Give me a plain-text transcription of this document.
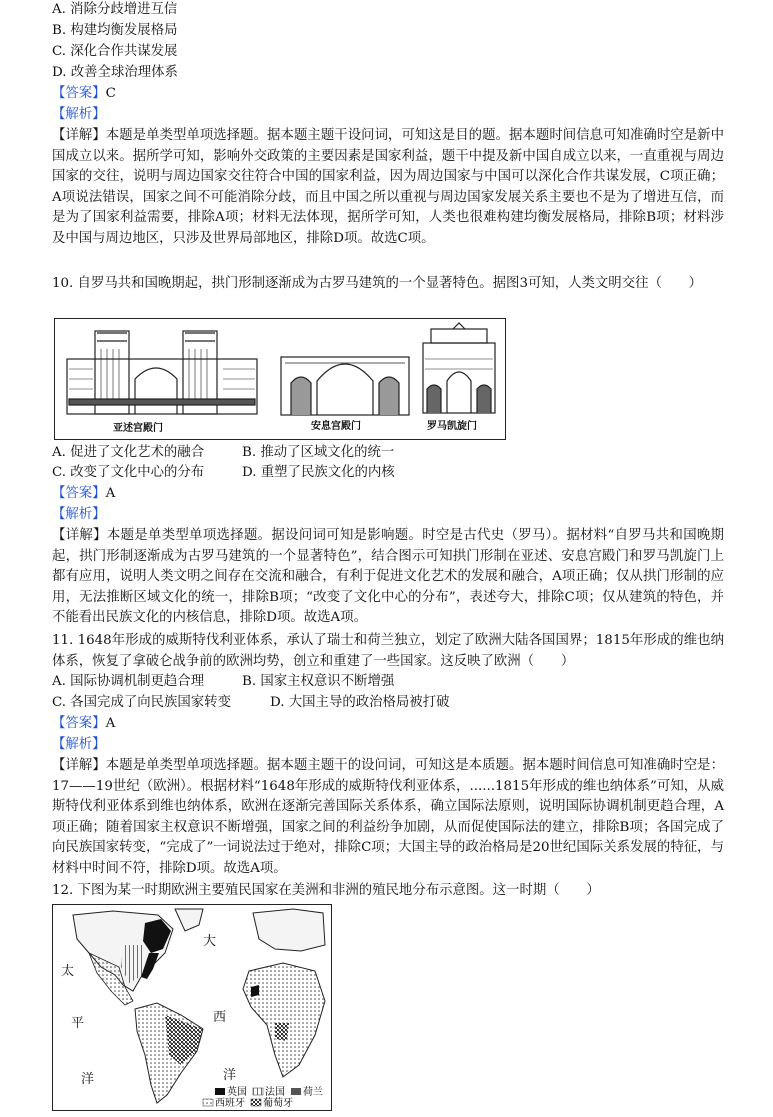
A. 消除分歧增进互信
B. 构建均衡发展格局
C. 深化合作共谋发展
D. 改善全球治理体系
【答案】C
【解析】
【详解】本题是单类型单项选择题。据本题主题干设问词，可知这是目的题。据本题时间信息可知准确时空是新中国成立以来。据所学可知，影响外交政策的主要因素是国家利益，题干中提及新中国自成立以来，一直重视与周边国家的交往，说明与周边国家交往符合中国的国家利益，因为周边国家与中国可以深化合作共谋发展，C项正确；A项说法错误，国家之间不可能消除分歧，而且中国之所以重视与周边国家发展关系主要也不是为了增进互信，而是为了国家利益需要，排除A项；材料无法体现，据所学可知，人类也很难构建均衡发展格局，排除B项；材料涉及中国与周边地区，只涉及世界局部地区，排除D项。故选C项。
10. 自罗马共和国晚期起，拱门形制逐渐成为古罗马建筑的一个显著特色。据图3可知，人类文明交往（　　）
亚述宫殿门	安息宫殿门	罗马凯旋门
A. 促进了文化艺术的融合	B. 推动了区域文化的统一
C. 改变了文化中心的分布	D. 重塑了民族文化的内核
【答案】A
【解析】
【详解】本题是单类型单项选择题。据设问词可知是影响题。时空是古代史（罗马）。据材料“自罗马共和国晚期起，拱门形制逐渐成为古罗马建筑的一个显著特色”，结合图示可知拱门形制在亚述、安息宫殿门和罗马凯旋门上都有应用，说明人类文明之间存在交流和融合，有利于促进文化艺术的发展和融合，A项正确；仅从拱门形制的应用，无法推断区域文化的统一，排除B项；“改变了文化中心的分布”，表述夸大，排除C项；仅从建筑的特色，并不能看出民族文化的内核信息，排除D项。故选A项。
11. 1648年形成的威斯特伐利亚体系，承认了瑞士和荷兰独立，划定了欧洲大陆各国国界；1815年形成的维也纳体系，恢复了拿破仑战争前的欧洲均势，创立和重建了一些国家。这反映了欧洲（　　）
A. 国际协调机制更趋合理	B. 国家主权意识不断增强
C. 各国完成了向民族国家转变	D. 大国主导的政治格局被打破
【答案】A
【解析】
【详解】本题是单类型单项选择题。据本题主题干的设问词，可知这是本质题。据本题时间信息可知准确时空是：17——19世纪（欧洲）。根据材料“1648年形成的威斯特伐利亚体系，......1815年形成的维也纳体系”可知，从威斯特伐利亚体系到维也纳体系，欧洲在逐渐完善国际关系体系，确立国际法原则，说明国际协调机制更趋合理，A项正确；随着国家主权意识不断增强，国家之间的利益纷争加剧，从而促使国际法的建立，排除B项；各国完成了向民族国家转变，“完成了”一词说法过于绝对，排除C项；大国主导的政治格局是20世纪国际关系发展的特征，与材料中时间不符，排除D项。故选A项。
12. 下图为某一时期欧洲主要殖民国家在美洲和非洲的殖民地分布示意图。这一时期（　　）
大
太
西
平
洋	洋
英国 法国 荷兰
西班牙 葡萄牙
